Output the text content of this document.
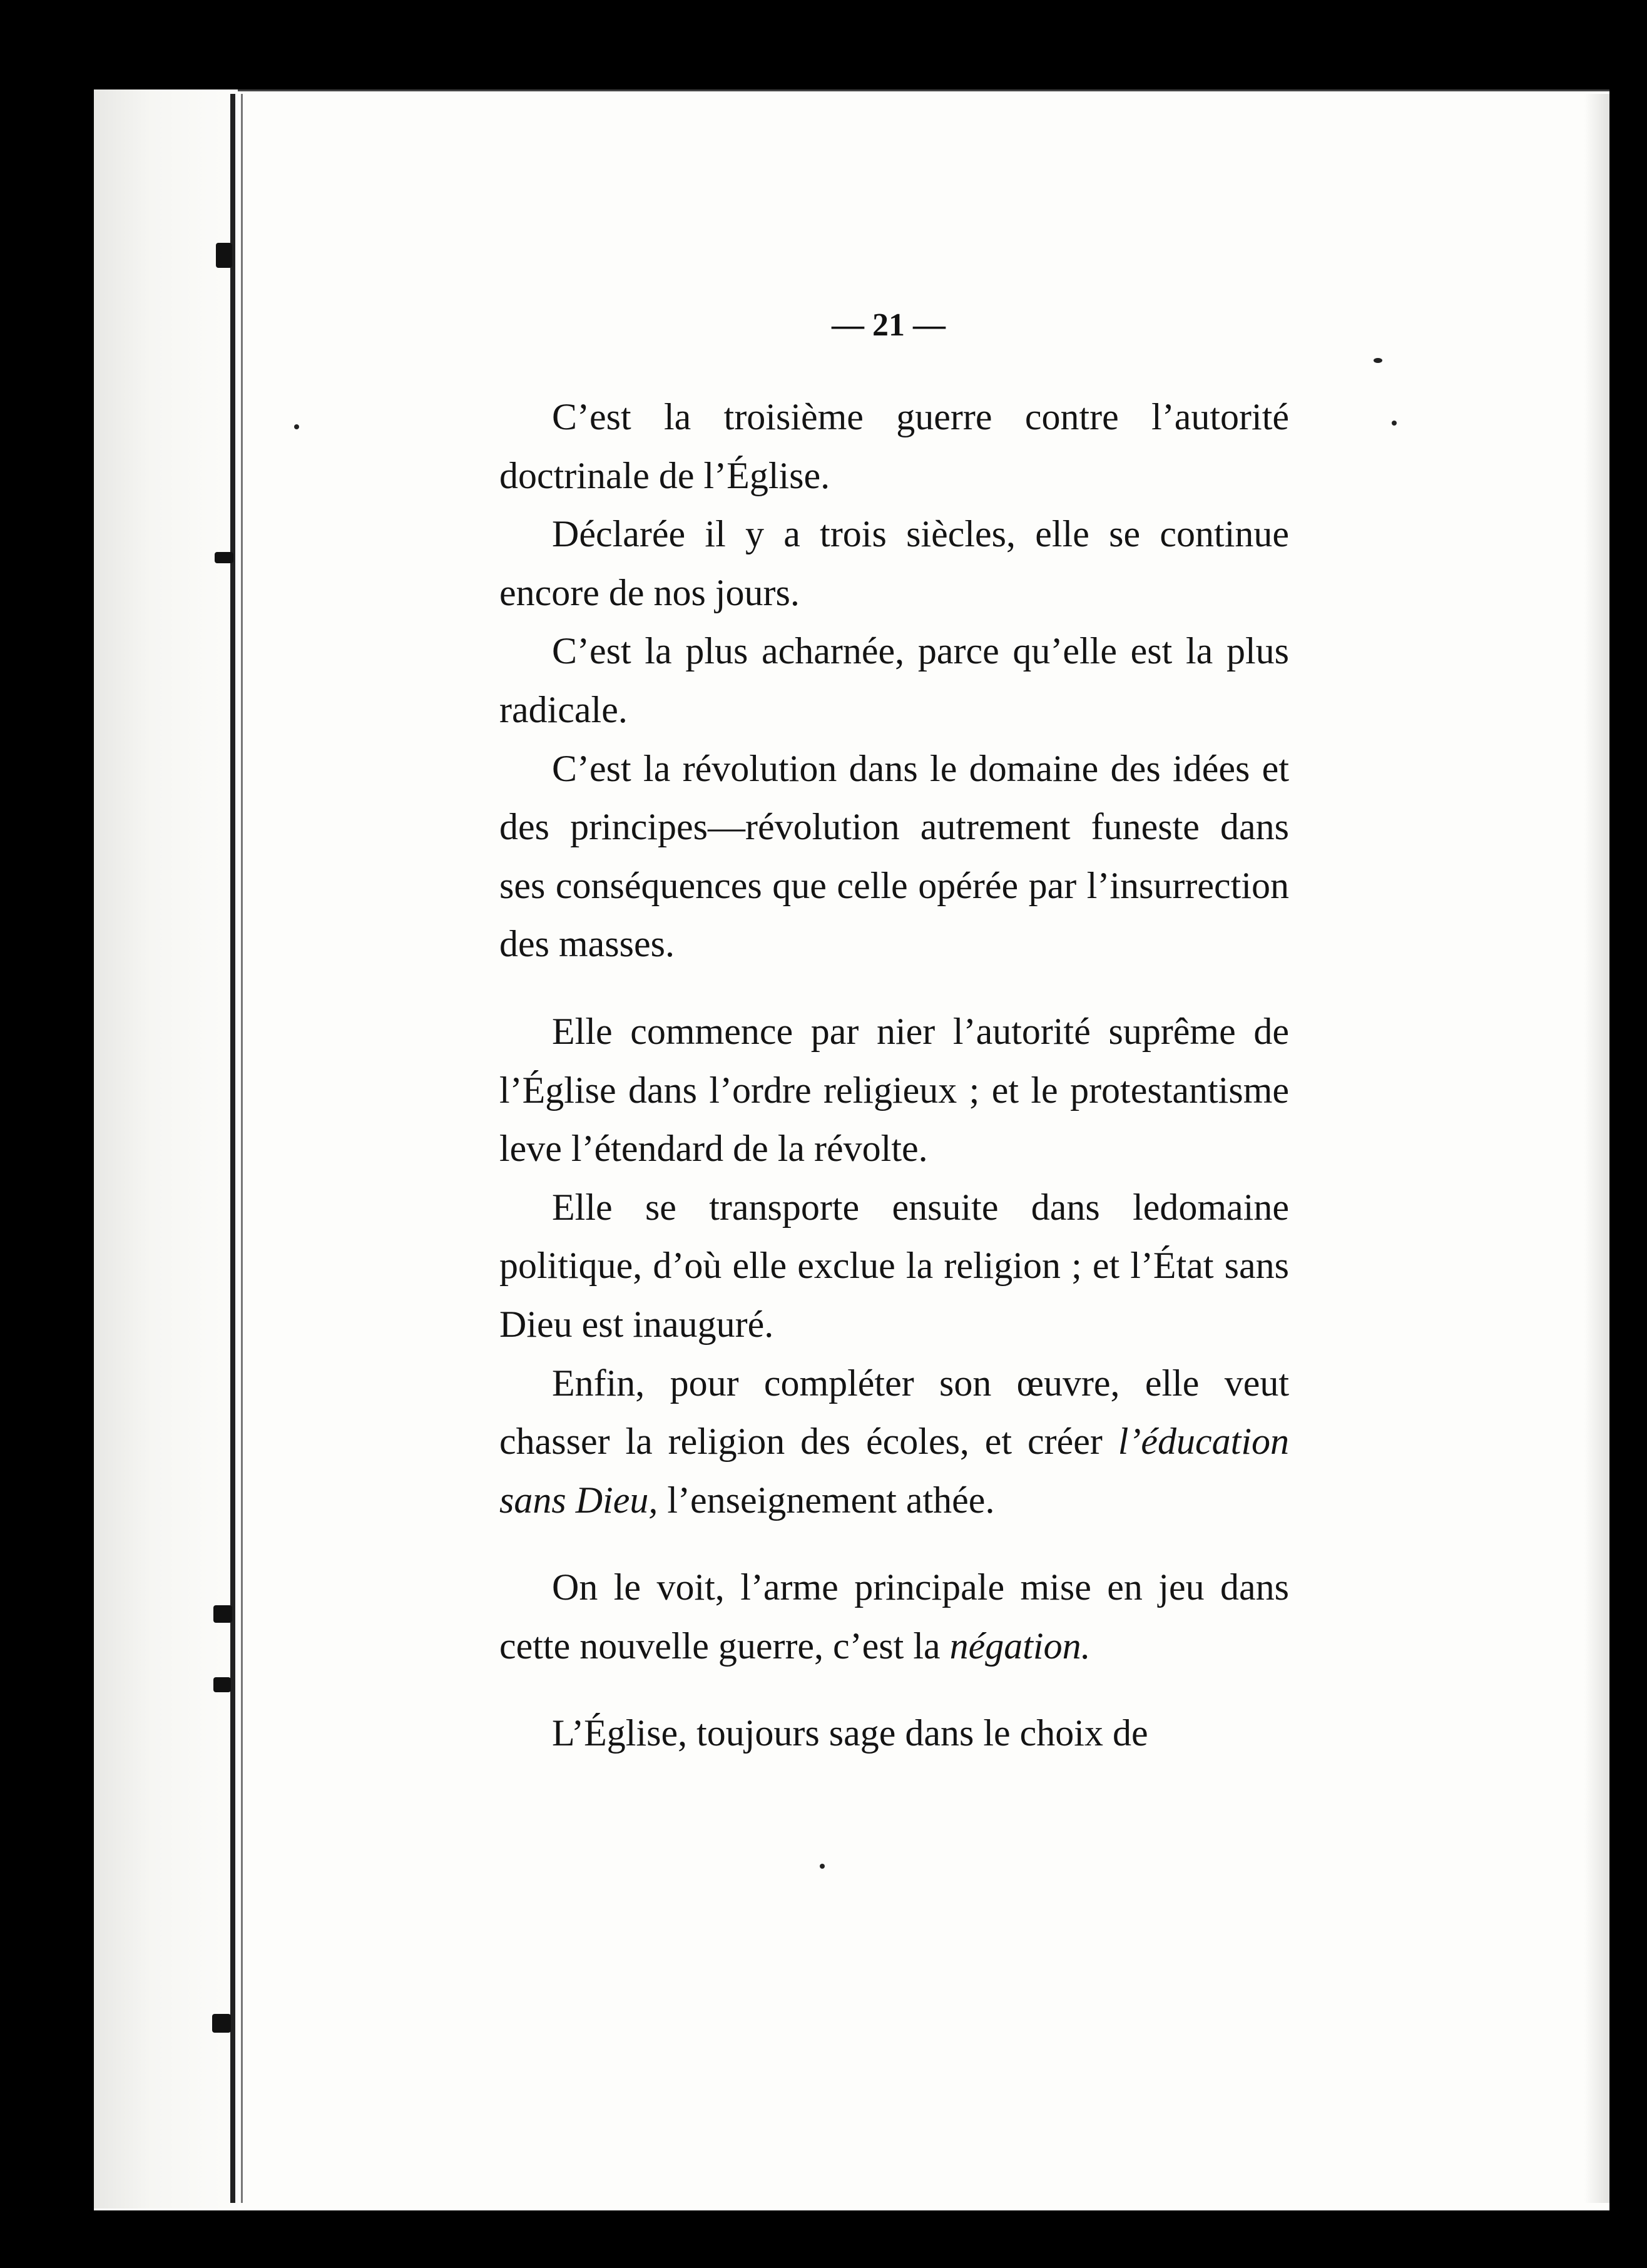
— 21 —

C’est la troisième guerre contre l’autorité doctrinale de l’Église.

Déclarée il y a trois siècles, elle se continue encore de nos jours.

C’est la plus acharnée, parce qu’elle est la plus radicale.

C’est la révolution dans le domaine des idées et des principes—révolution autrement funeste dans ses conséquences que celle opérée par l’insurrection des masses.

Elle commence par nier l’autorité suprême de l’Église dans l’ordre religieux ; et le protestantisme leve l’étendard de la révolte.

Elle se transporte ensuite dans ledomaine politique, d’où elle exclue la religion ; et l’État sans Dieu est inauguré.

Enfin, pour compléter son œuvre, elle veut chasser la religion des écoles, et créer l’éducation sans Dieu, l’enseignement athée.

On le voit, l’arme principale mise en jeu dans cette nouvelle guerre, c’est la négation.

L’Église, toujours sage dans le choix de
